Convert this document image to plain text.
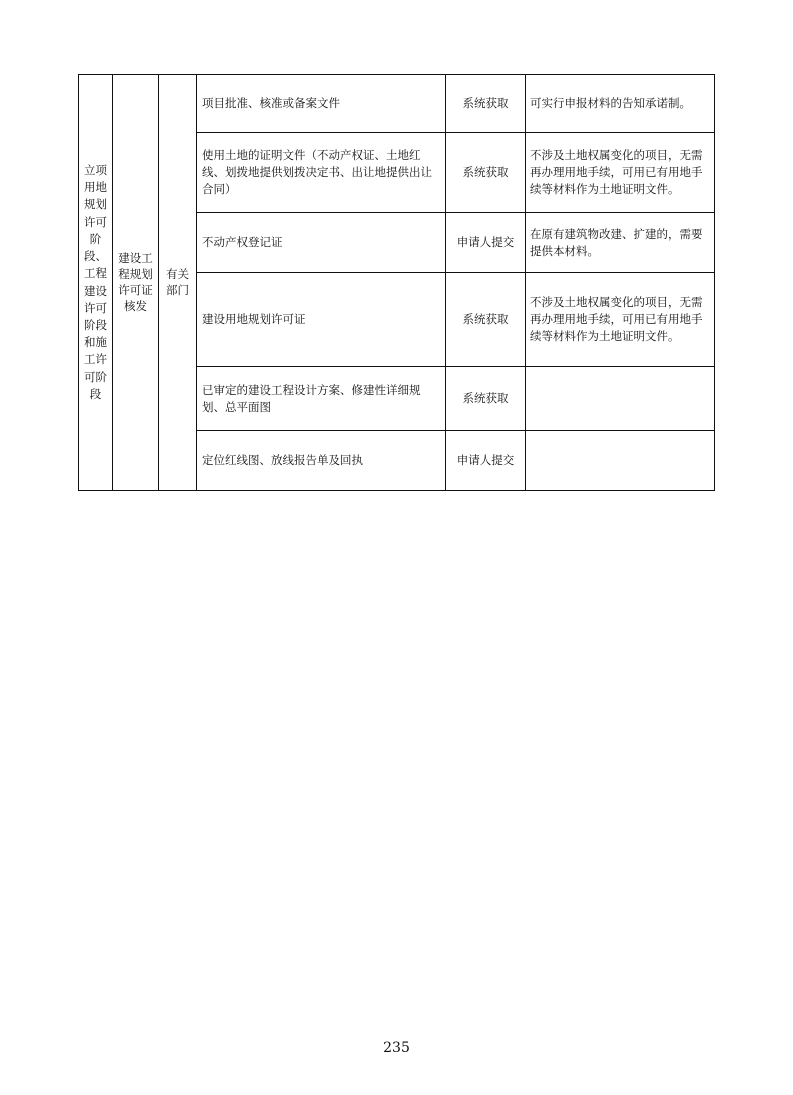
立项用地规划许可阶段、工程建设许可阶段和施工许可阶段	建设工程规划许可证核发	有关部门	项目批准、核准或备案文件	系统获取	可实行申报材料的告知承诺制。
			使用土地的证明文件（不动产权证、土地红线、划拨地提供划拨决定书、出让地提供出让合同）	系统获取	不涉及土地权属变化的项目，无需再办理用地手续，可用已有用地手续等材料作为土地证明文件。
			不动产权登记证	申请人提交	在原有建筑物改建、扩建的，需要提供本材料。
			建设用地规划许可证	系统获取	不涉及土地权属变化的项目，无需再办理用地手续，可用已有用地手续等材料作为土地证明文件。
			已审定的建设工程设计方案、修建性详细规划、总平面图	系统获取	
			定位红线图、放线报告单及回执	申请人提交	
235
